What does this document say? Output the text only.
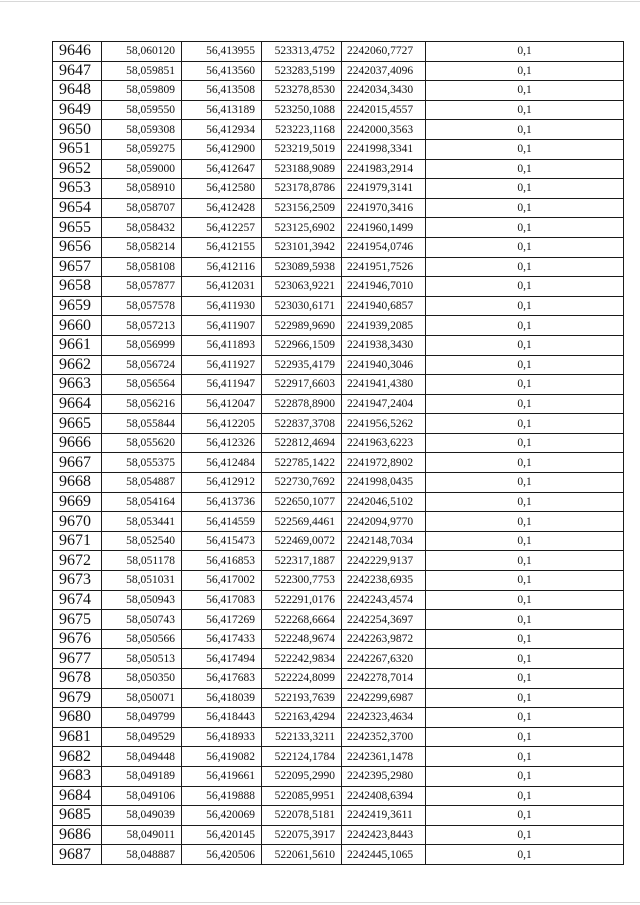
9646	58,060120	56,413955	523313,4752	2242060,7727	0,1
9647	58,059851	56,413560	523283,5199	2242037,4096	0,1
9648	58,059809	56,413508	523278,8530	2242034,3430	0,1
9649	58,059550	56,413189	523250,1088	2242015,4557	0,1
9650	58,059308	56,412934	523223,1168	2242000,3563	0,1
9651	58,059275	56,412900	523219,5019	2241998,3341	0,1
9652	58,059000	56,412647	523188,9089	2241983,2914	0,1
9653	58,058910	56,412580	523178,8786	2241979,3141	0,1
9654	58,058707	56,412428	523156,2509	2241970,3416	0,1
9655	58,058432	56,412257	523125,6902	2241960,1499	0,1
9656	58,058214	56,412155	523101,3942	2241954,0746	0,1
9657	58,058108	56,412116	523089,5938	2241951,7526	0,1
9658	58,057877	56,412031	523063,9221	2241946,7010	0,1
9659	58,057578	56,411930	523030,6171	2241940,6857	0,1
9660	58,057213	56,411907	522989,9690	2241939,2085	0,1
9661	58,056999	56,411893	522966,1509	2241938,3430	0,1
9662	58,056724	56,411927	522935,4179	2241940,3046	0,1
9663	58,056564	56,411947	522917,6603	2241941,4380	0,1
9664	58,056216	56,412047	522878,8900	2241947,2404	0,1
9665	58,055844	56,412205	522837,3708	2241956,5262	0,1
9666	58,055620	56,412326	522812,4694	2241963,6223	0,1
9667	58,055375	56,412484	522785,1422	2241972,8902	0,1
9668	58,054887	56,412912	522730,7692	2241998,0435	0,1
9669	58,054164	56,413736	522650,1077	2242046,5102	0,1
9670	58,053441	56,414559	522569,4461	2242094,9770	0,1
9671	58,052540	56,415473	522469,0072	2242148,7034	0,1
9672	58,051178	56,416853	522317,1887	2242229,9137	0,1
9673	58,051031	56,417002	522300,7753	2242238,6935	0,1
9674	58,050943	56,417083	522291,0176	2242243,4574	0,1
9675	58,050743	56,417269	522268,6664	2242254,3697	0,1
9676	58,050566	56,417433	522248,9674	2242263,9872	0,1
9677	58,050513	56,417494	522242,9834	2242267,6320	0,1
9678	58,050350	56,417683	522224,8099	2242278,7014	0,1
9679	58,050071	56,418039	522193,7639	2242299,6987	0,1
9680	58,049799	56,418443	522163,4294	2242323,4634	0,1
9681	58,049529	56,418933	522133,3211	2242352,3700	0,1
9682	58,049448	56,419082	522124,1784	2242361,1478	0,1
9683	58,049189	56,419661	522095,2990	2242395,2980	0,1
9684	58,049106	56,419888	522085,9951	2242408,6394	0,1
9685	58,049039	56,420069	522078,5181	2242419,3611	0,1
9686	58,049011	56,420145	522075,3917	2242423,8443	0,1
9687	58,048887	56,420506	522061,5610	2242445,1065	0,1
